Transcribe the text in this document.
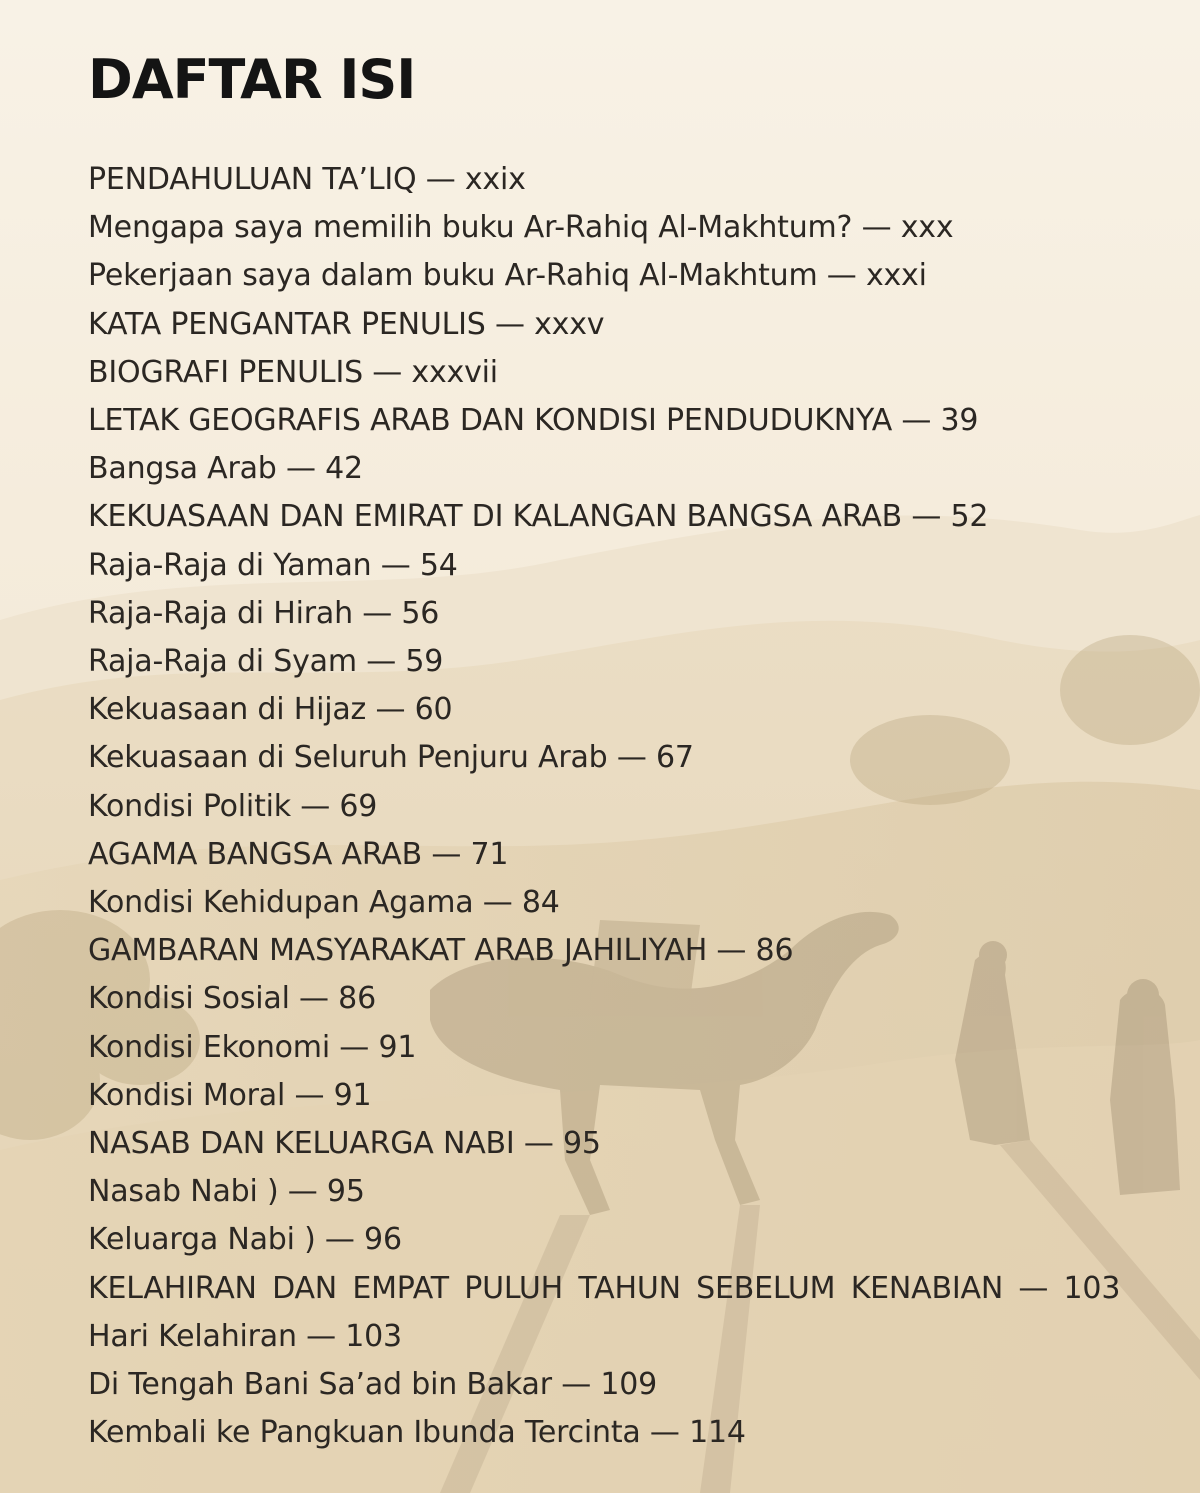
DAFTAR ISI
PENDAHULUAN TA’LIQ — xxix
Mengapa saya memilih buku Ar-Rahiq Al-Makhtum? — xxx
Pekerjaan saya dalam buku Ar-Rahiq Al-Makhtum — xxxi
KATA PENGANTAR PENULIS — xxxv
BIOGRAFI PENULIS — xxxvii
LETAK GEOGRAFIS ARAB DAN KONDISI PENDUDUKNYA — 39
Bangsa Arab — 42
KEKUASAAN DAN EMIRAT DI KALANGAN BANGSA ARAB — 52
Raja-Raja di Yaman — 54
Raja-Raja di Hirah — 56
Raja-Raja di Syam — 59
Kekuasaan di Hijaz — 60
Kekuasaan di Seluruh Penjuru Arab — 67
Kondisi Politik — 69
AGAMA BANGSA ARAB — 71
Kondisi Kehidupan Agama — 84
GAMBARAN MASYARAKAT ARAB JAHILIYAH — 86
Kondisi Sosial — 86
Kondisi Ekonomi — 91
Kondisi Moral — 91
NASAB DAN KELUARGA NABI — 95
Nasab Nabi ) — 95
Keluarga Nabi ) — 96
KELAHIRAN DAN EMPAT PULUH TAHUN SEBELUM KENABIAN — 103
Hari Kelahiran — 103
Di Tengah Bani Sa’ad bin Bakar — 109
Kembali ke Pangkuan Ibunda Tercinta — 114
